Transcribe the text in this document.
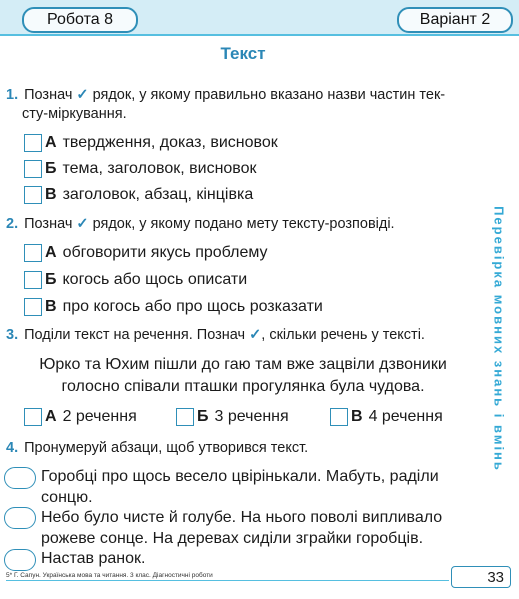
Робота 8	Варіант 2
Текст
1. Познач ✓ рядок, у якому правильно вказано назви частин тек-
сту-міркування.
А твердження, доказ, висновок
Б тема, заголовок, висновок
В заголовок, абзац, кінцівка
2. Познач ✓ рядок, у якому подано мету тексту-розповіді.
А обговорити якусь проблему
Б когось або щось описати
В про когось або про щось розказати
3. Поділи текст на речення. Познач ✓, скільки речень у тексті.
Юрко та Юхим пішли до гаю там вже зацвіли дзвоники
голосно співали пташки прогулянка була чудова.
А 2 речення	Б 3 речення	В 4 речення
4. Пронумеруй абзаци, щоб утворився текст.
Горобці про щось весело цвірінькали. Мабуть, раділи
сонцю.
Небо було чисте й голубе. На нього поволі випливало
рожеве сонце. На деревах сиділи зграйки горобців.
Настав ранок.
Перевірка мовних знань і вмінь
5* Г. Сапун. Українська мова та читання. 3 клас. Діагностичні роботи	33
